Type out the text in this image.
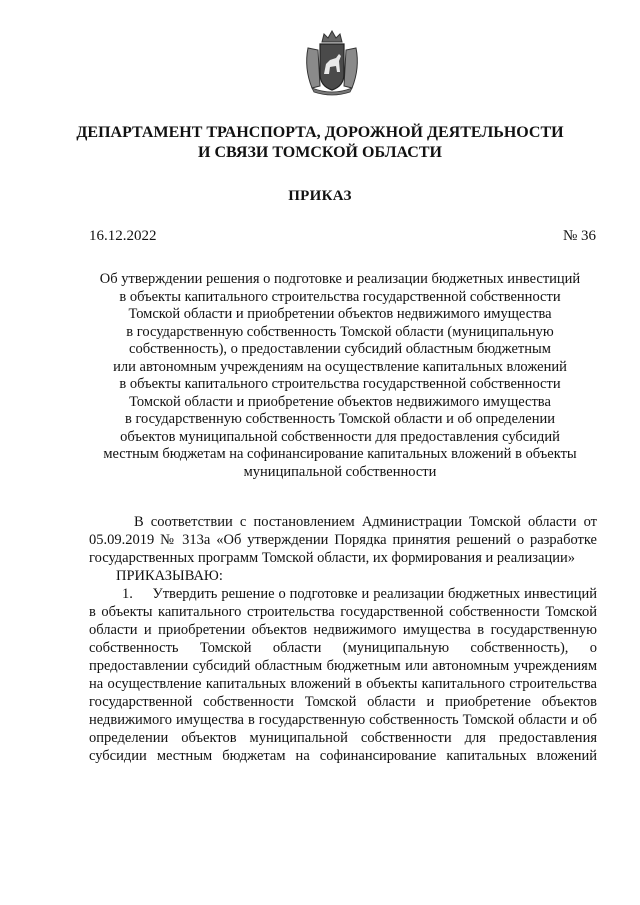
ДЕПАРТАМЕНТ ТРАНСПОРТА, ДОРОЖНОЙ ДЕЯТЕЛЬНОСТИ
И СВЯЗИ ТОМСКОЙ ОБЛАСТИ
ПРИКАЗ
16.12.2022	№ 36
Об утверждении решения о подготовке и реализации бюджетных инвестиций
в объекты капитального строительства государственной собственности
Томской области и приобретении объектов недвижимого имущества
в государственную собственность Томской области (муниципальную
собственность), о предоставлении субсидий областным бюджетным
или автономным учреждениям на осуществление капитальных вложений
в объекты капитального строительства государственной собственности
Томской области и приобретение объектов недвижимого имущества
в государственную собственность Томской области и об определении
объектов муниципальной собственности для предоставления субсидий
местным бюджетам на софинансирование капитальных вложений в объекты
муниципальной собственности

В соответствии с постановлением Администрации Томской области от 05.09.2019 № 313а «Об утверждении Порядка принятия решений о разработке государственных программ Томской области, их формирования и реализации»

ПРИКАЗЫВАЮ:

1.     Утвердить решение о подготовке и реализации бюджетных инвестиций в объекты капитального строительства государственной собственности Томской области и приобретении объектов недвижимого имущества в государственную собственность Томской области (муниципальную собственность), о предоставлении субсидий областным бюджетным или автономным учреждениям на осуществление капитальных вложений в объекты капитального строительства государственной собственности Томской области и приобретение объектов недвижимого имущества в государственную собственность Томской области и об определении объектов муниципальной собственности для предоставления субсидии местным бюджетам на софинансирование капитальных вложений
